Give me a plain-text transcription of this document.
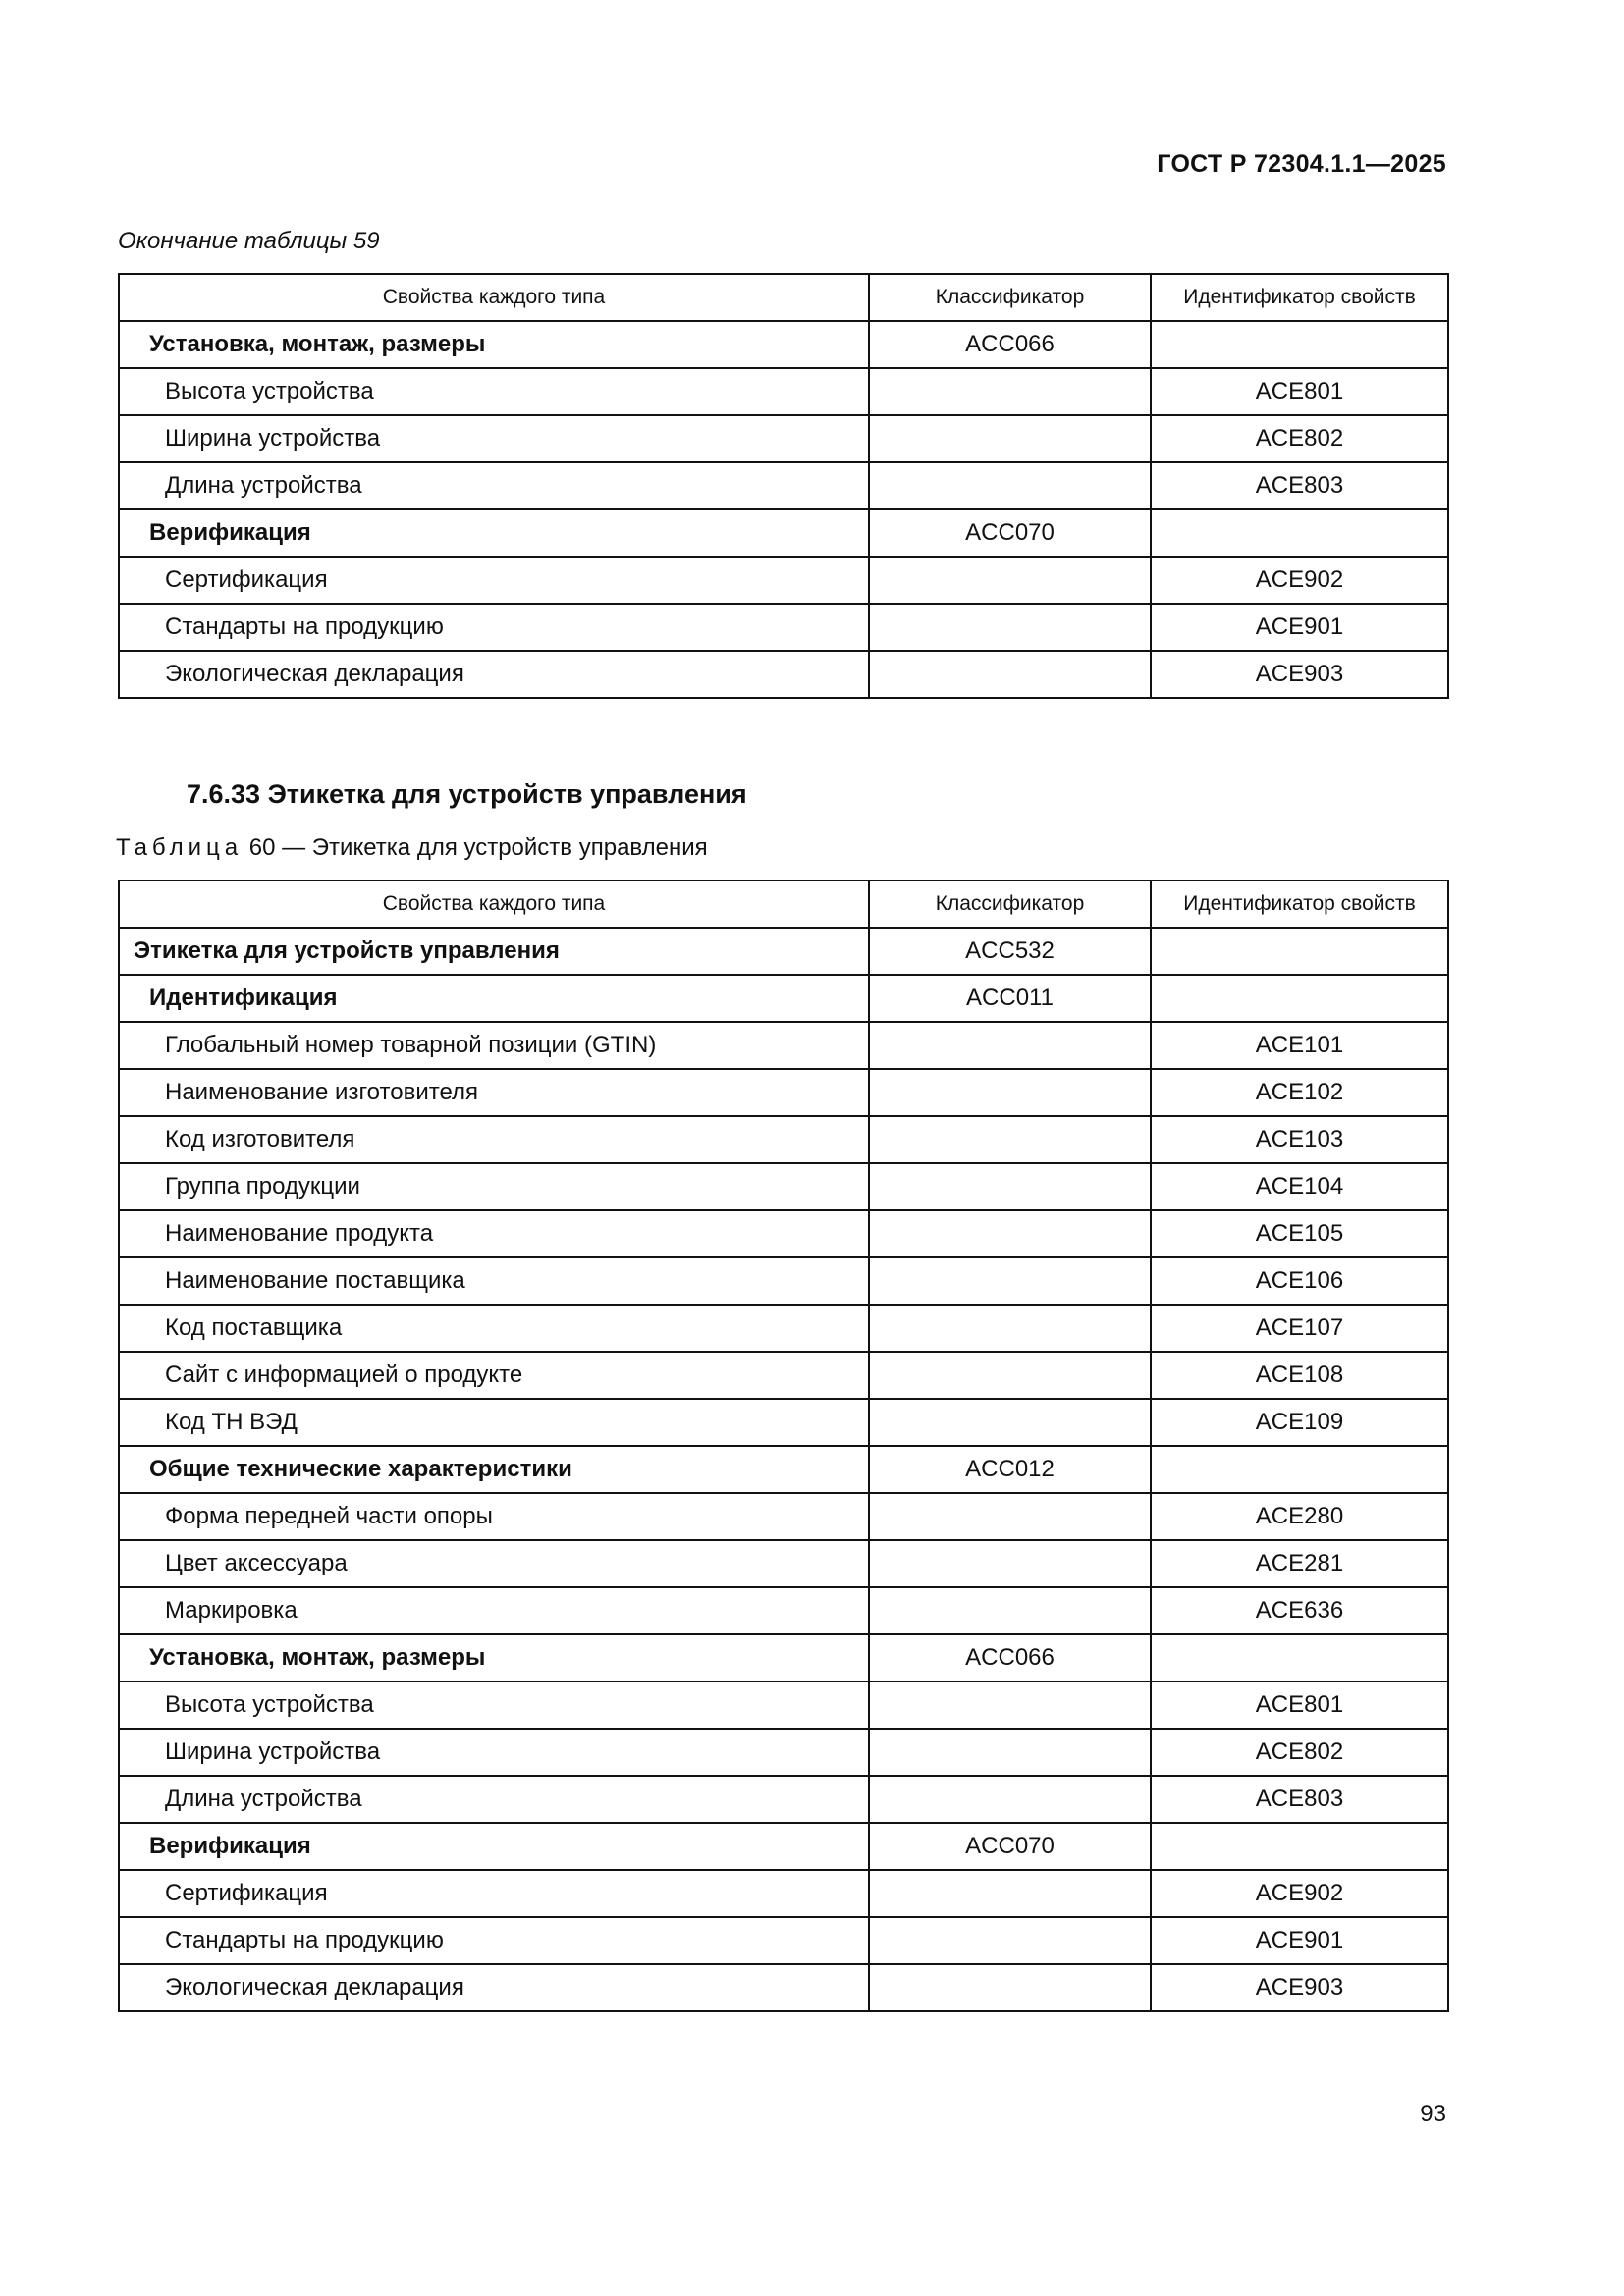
ГОСТ Р 72304.1.1—2025
Окончание таблицы 59
Свойства каждого типа	Классификатор	Идентификатор свойств
Установка, монтаж, размеры	ACC066	
Высота устройства		ACE801
Ширина устройства		ACE802
Длина устройства		ACE803
Верификация	ACC070	
Сертификация		ACE902
Стандарты на продукцию		ACE901
Экологическая декларация		ACE903
7.6.33 Этикетка для устройств управления
Таблица 60 — Этикетка для устройств управления
Свойства каждого типа	Классификатор	Идентификатор свойств
Этикетка для устройств управления	ACC532	
Идентификация	ACC011	
Глобальный номер товарной позиции (GTIN)		ACE101
Наименование изготовителя		ACE102
Код изготовителя		ACE103
Группа продукции		ACE104
Наименование продукта		ACE105
Наименование поставщика		ACE106
Код поставщика		ACE107
Сайт с информацией о продукте		ACE108
Код ТН ВЭД		ACE109
Общие технические характеристики	ACC012	
Форма передней части опоры		ACE280
Цвет аксессуара		ACE281
Маркировка		ACE636
Установка, монтаж, размеры	ACC066	
Высота устройства		ACE801
Ширина устройства		ACE802
Длина устройства		ACE803
Верификация	ACC070	
Сертификация		ACE902
Стандарты на продукцию		ACE901
Экологическая декларация		ACE903
93
